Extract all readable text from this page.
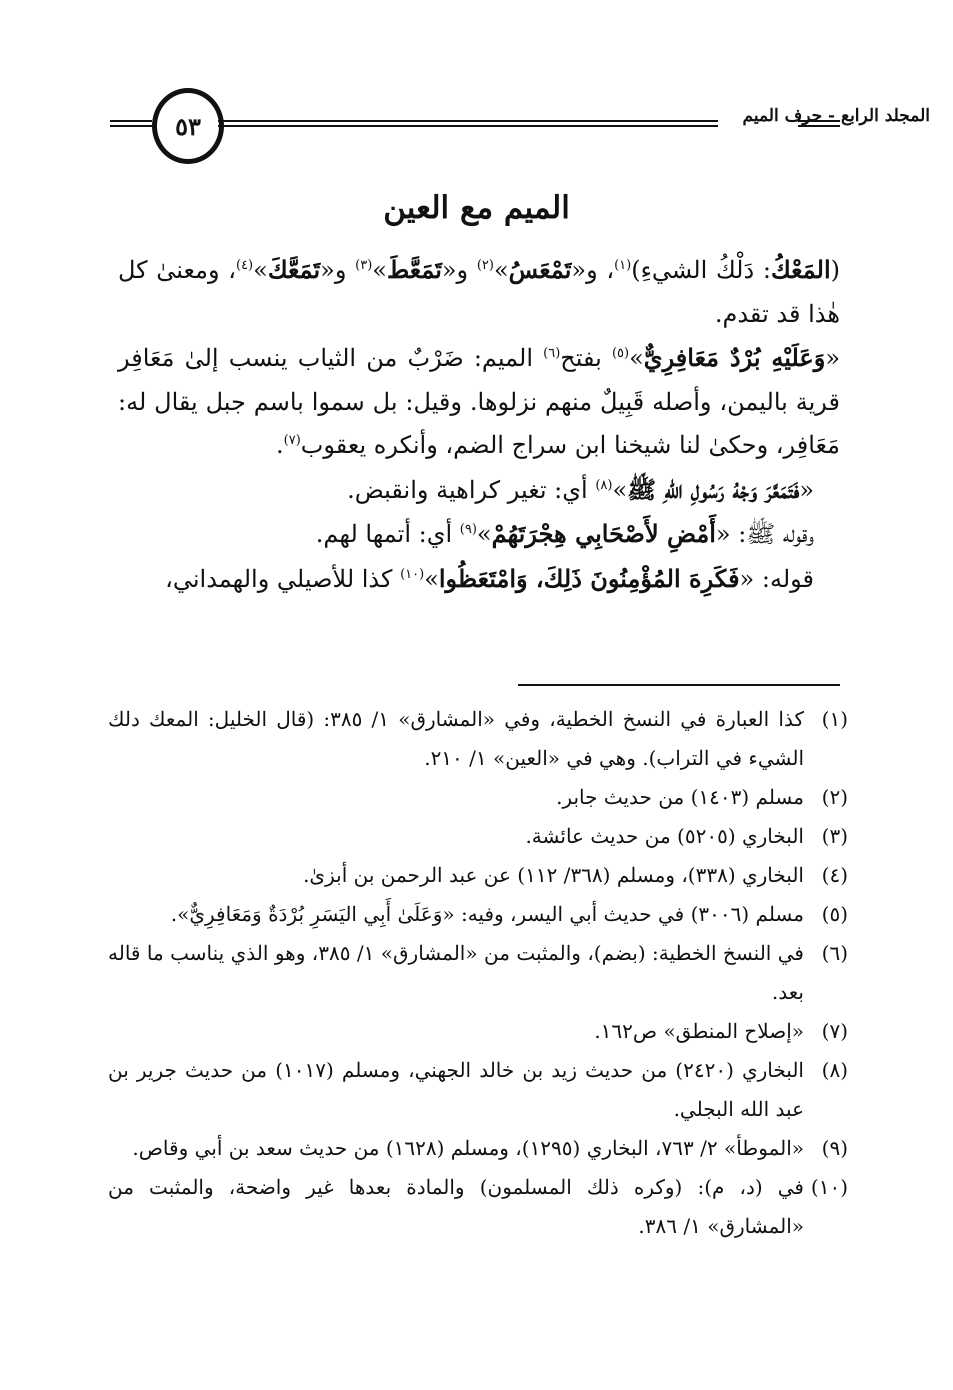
٥٣	المجلد الرابع - حرف الميم
الميم مع العين

(المَعْكُ: دَلْكُ الشيءِ)$^{(١)}$، و«تَمْعَسُ»$^{(٢)}$ و«تَمَعَّطَ»$^{(٣)}$ و«تَمَعَّكَ»$^{(٤)}$، ومعنىٰ كل هٰذا قد تقدم.

«وَعَلَيْهِ بُرْدٌ مَعَافِرِيٌّ»$^{(٥)}$ بفتح$^{(٦)}$ الميم: ضَرْبٌ من الثياب ينسب إلىٰ مَعَافِر قرية باليمن، وأصله قَبِيلٌ منهم نزلوها. وقيل: بل سموا باسم جبل يقال له: مَعَافِر، وحكىٰ لنا شيخنا ابن سراج الضم، وأنكره يعقوب$^{(٧)}$.

«فَتَمَعَّرَ وَجْهُ رَسُولِ اللهِ ﷺ»$^{(٨)}$ أي: تغير كراهية وانقبض.

وقوله ﷺ: «أَمْضِ لأَصْحَابِي هِجْرَتَهُمْ»$^{(٩)}$ أي: أتمها لهم.

قوله: «فَكَرِهَ المُؤْمِنُونَ ذَلِكَ، وَامْتَعَظُوا»$^{(١٠)}$ كذا للأصيلي والهمداني،

(١)
كذا العبارة في النسخ الخطية، وفي «المشارق» ١/ ٣٨٥: (قال الخليل: المعك دلك الشيء في التراب). وهي في «العين» ١/ ٢١٠.
(٢)
مسلم (١٤٠٣) من حديث جابر.
(٣)
البخاري (٥٢٠٥) من حديث عائشة.
(٤)
البخاري (٣٣٨)، ومسلم (٣٦٨/ ١١٢) عن عبد الرحمن بن أبزىٰ.
(٥)
مسلم (٣٠٠٦) في حديث أبي اليسر، وفيه: «وَعَلَىٰ أَبِي اليَسَرِ بُرْدَةٌ وَمَعَافِرِيٌّ».
(٦)
في النسخ الخطية: (بضم)، والمثبت من «المشارق» ١/ ٣٨٥، وهو الذي يناسب ما قاله بعد.
(٧)
«إصلاح المنطق» ص١٦٢.
(٨)
البخاري (٢٤٢٠) من حديث زيد بن خالد الجهني، ومسلم (١٠١٧) من حديث جرير بن عبد الله البجلي.
(٩)
«الموطأ» ٢/ ٧٦٣، البخاري (١٢٩٥)، ومسلم (١٦٢٨) من حديث سعد بن أبي وقاص.
(١٠)
في (د، م): (وكره ذلك المسلمون) والمادة بعدها غير واضحة، والمثبت من «المشارق» ١/ ٣٨٦.
